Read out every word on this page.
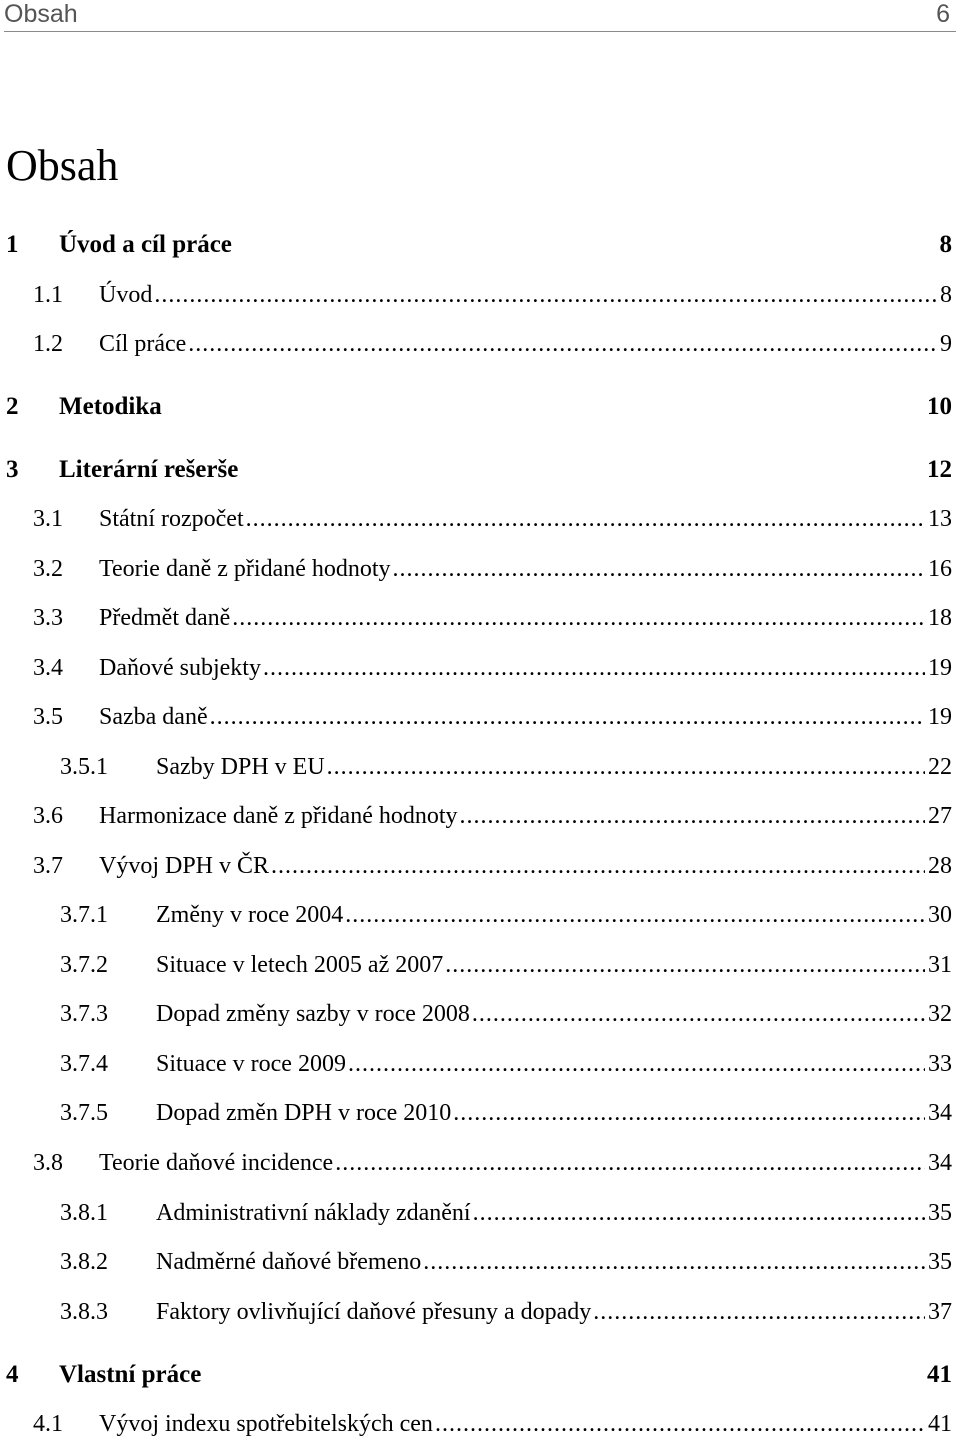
Obsah	6
Obsah
1	Úvod a cíl práce	8
1.1	Úvod .....	8
1.2	Cíl práce .....	9
2	Metodika	10
3	Literární rešerše	12
3.1	Státní rozpočet .....	13
3.2	Teorie daně z přidané hodnoty .....	16
3.3	Předmět daně .....	18
3.4	Daňové subjekty .....	19
3.5	Sazba daně .....	19
3.5.1	Sazby DPH v EU .....	22
3.6	Harmonizace daně z přidané hodnoty .....	27
3.7	Vývoj DPH v ČR .....	28
3.7.1	Změny v roce 2004 .....	30
3.7.2	Situace v letech 2005 až 2007 .....	31
3.7.3	Dopad změny sazby v roce 2008 .....	32
3.7.4	Situace v roce 2009 .....	33
3.7.5	Dopad změn DPH v roce 2010 .....	34
3.8	Teorie daňové incidence .....	34
3.8.1	Administrativní náklady zdanění .....	35
3.8.2	Nadměrné daňové břemeno .....	35
3.8.3	Faktory ovlivňující daňové přesuny a dopady .....	37
4	Vlastní práce	41
4.1	Vývoj indexu spotřebitelských cen .....	41
